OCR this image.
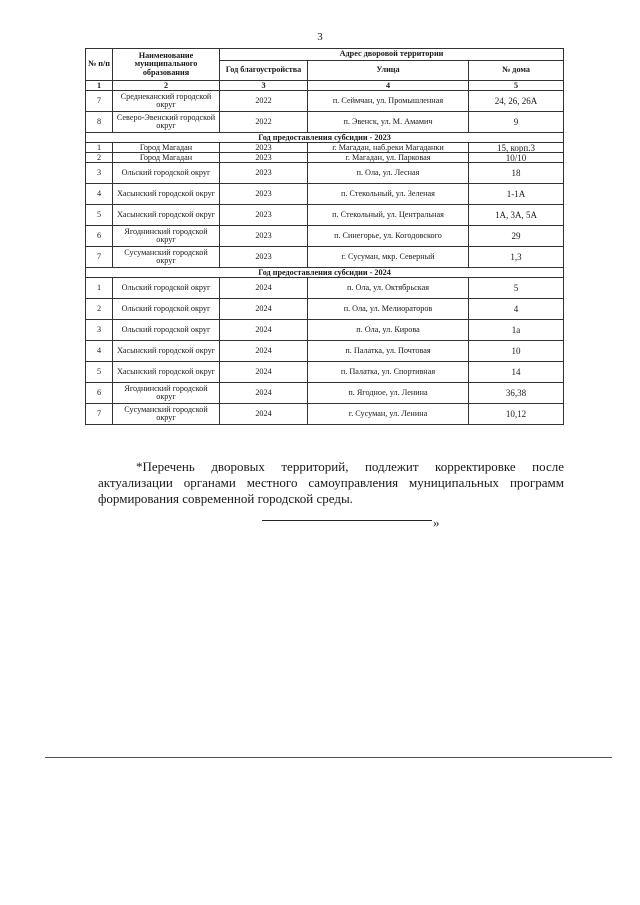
3
№ п/п	Наименование муниципального образования	Адрес дворовой территории		
		Год благоустройства	Улица	№ дома
1	2	3	4	5
7	Среднеканский городской округ	2022	п. Сеймчан, ул. Промышленная	24, 26, 26А
8	Северо-Эвенский городской округ	2022	п. Эвенск, ул. М. Амамич	9
Год предоставления субсидии - 2023				
1	Город Магадан	2023	г. Магадан, наб.реки Магаданки	15, корп.3
2	Город Магадан	2023	г. Магадан, ул. Парковая	10/10
3	Ольский городской округ	2023	п. Ола, ул. Лесная	18
4	Хасынский городской округ	2023	п. Стекольный, ул. Зеленая	1-1А
5	Хасынский городской округ	2023	п. Стекольный, ул. Центральная	1А, 3А, 5А
6	Ягоднинский городской округ	2023	п. Синегорье, ул. Когодовского	29
7	Сусуманский городской округ	2023	г. Сусуман, мкр. Северный	1,3
Год предоставления субсидии - 2024				
1	Ольский городской округ	2024	п. Ола, ул. Октябрьская	5
2	Ольский городской округ	2024	п. Ола, ул. Мелиораторов	4
3	Ольский городской округ	2024	п. Ола, ул. Кирова	1а
4	Хасынский городской округ	2024	п. Палатка, ул. Почтовая	10
5	Хасынский городской округ	2024	п. Палатка, ул. Спортивная	14
6	Ягоднинский городской округ	2024	п. Ягодное, ул. Ленина	36,38
7	Сусуманский городской округ	2024	г. Сусуман, ул. Ленина	10,12
*Перечень дворовых территорий, подлежит корректировке после актуализации органами местного самоуправления муниципальных программ формирования современной городской среды.
»
